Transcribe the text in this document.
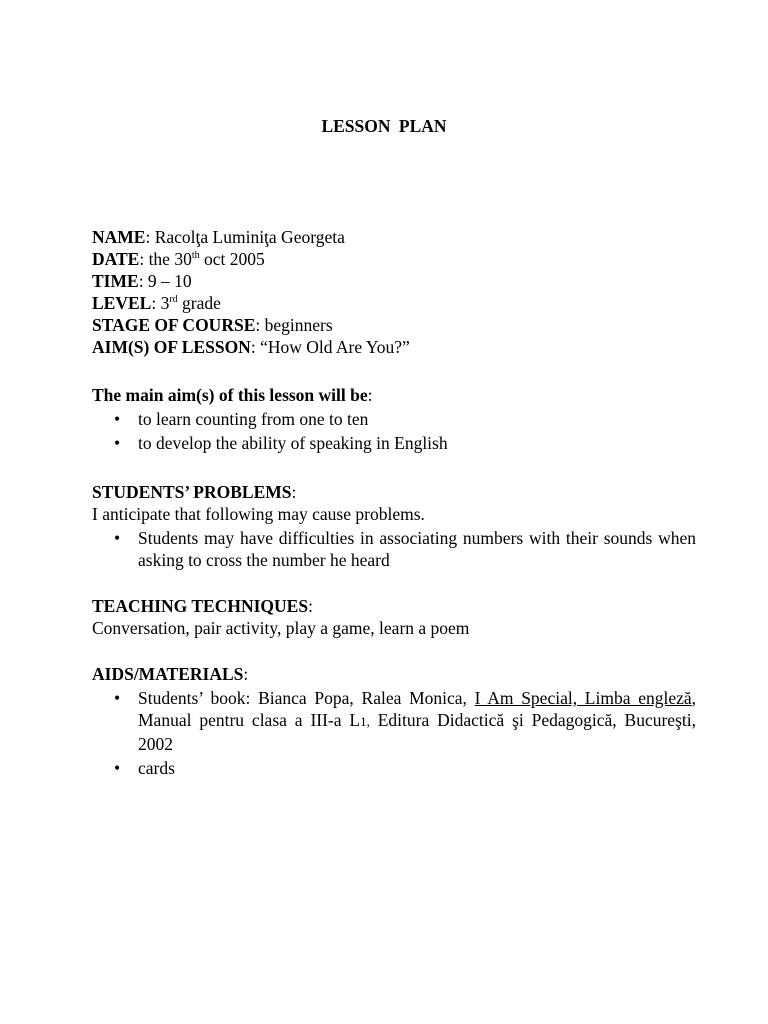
LESSON PLAN
NAME: Racolţa Luminiţa Georgeta
DATE: the 30th oct 2005
TIME: 9 – 10
LEVEL: 3rd grade
STAGE OF COURSE: beginners
AIM(S) OF LESSON: “How Old Are You?”
The main aim(s) of this lesson will be:
• to learn counting from one to ten
• to develop the ability of speaking in English
STUDENTS’ PROBLEMS:
I anticipate that following may cause problems.
• Students may have difficulties in associating numbers with their sounds when asking to cross the number he heard
TEACHING TECHNIQUES:
Conversation, pair activity, play a game, learn a poem
AIDS/MATERIALS:
• Students’ book: Bianca Popa, Ralea Monica, I Am Special, Limba engleză, Manual pentru clasa a III-a L1, Editura Didactică şi Pedagogică, Bucureşti, 2002
• cards
